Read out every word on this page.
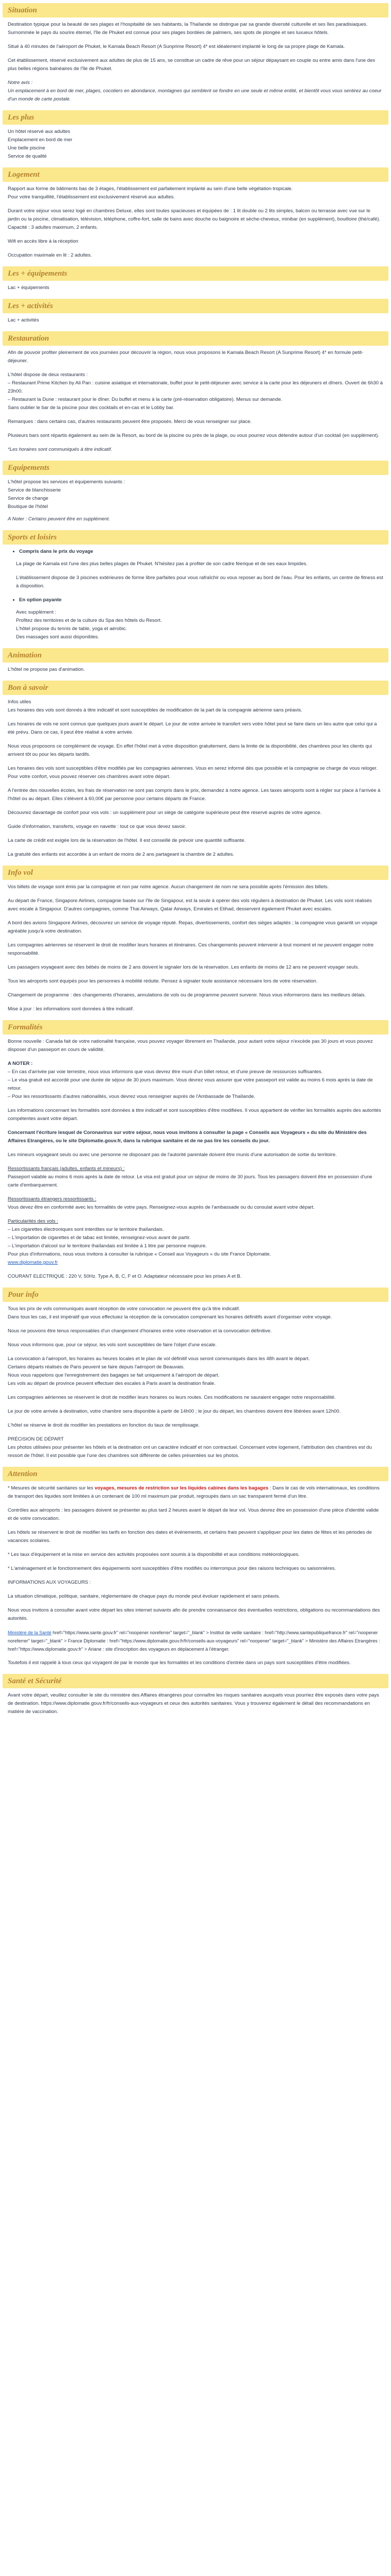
Situation

Destination typique pour la beauté de ses plages et l'hospitalité de ses habitants, la Thaïlande se distingue par sa grande diversité culturelle et ses îles paradisiaques. Surnommée le pays du sourire éternel, l'île de Phuket est connue pour ses plages bordées de palmiers, ses spots de plongée et ses luxueux hôtels.

Situé à 40 minutes de l'aéroport de Phuket, le Kamala Beach Resort (A Sunprime Resort) 4* est idéalement implanté le long de sa propre plage de Kamala.

Cet établissement, réservé exclusivement aux adultes de plus de 15 ans, se constitue un cadre de rêve pour un séjour dépaysant en couple ou entre amis dans l'une des plus belles régions balnéaires de l'île de Phuket.

Notre avis :

Un emplacement à en bord de mer, plages, cocotiers en abondance, montagnes qui semblent se fondre en une seule et même entité, et bientôt vous vous sentirez au coeur d'un monde de carte postale.

Les plus
Un hôtel réservé aux adultes
Emplacement en bord de mer
Une belle piscine
Service de qualité
Logement

Rapport aux forme de bâtiments bas de 3 étages, l'établissement est parfaitement implanté au sein d'une belle végétation tropicale.

Pour votre tranquillité, l'établissement est exclusivement réservé aux adultes.

Durant votre séjour vous serez logé en chambres Deluxe, elles sont toutes spacieuses et équipées de : 1 lit double ou 2 lits simples, balcon ou terrasse avec vue sur le jardin ou la piscine, climatisation, télévision, téléphone, coffre-fort, salle de bains avec douche ou baignoire et sèche-cheveux, minibar (en supplément), bouilloire (thé/café).

Capacité : 3 adultes maximum, 2 enfants.

Wifi en accès libre à la réception

Occupation maximale en lit : 2 adultes.

Les + équipements

Lac + équipements

Les + activités

Lac + activités

Restauration

Afin de pouvoir profiter pleinement de vos journées pour découvrir la région, nous vous proposons le Kamala Beach Resort (A Sunprime Resort) 4* en formule petit-déjeuner.

L'hôtel dispose de deux restaurants :

– Restaurant Prime Kitchen by Ali Pan : cuisine asiatique et internationale, buffet pour le petit-déjeuner avec service à la carte pour les déjeuners et dîners. Ouvert de 6h30 à 23h00.

– Restaurant la Dune : restaurant pour le dîner. Du buffet et menu à la carte (pré-réservation obligatoire). Menus sur demande.

Sans oublier le bar de la piscine pour des cocktails et en-cas et le Lobby bar.

Remarques : dans certains cas, d'autres restaurants peuvent être proposés. Merci de vous renseigner sur place.

Plusieurs bars sont répartis également au sein de la Resort, au bord de la piscine ou près de la plage, ou vous pourrez vous détendre autour d'un cocktail (en supplément).

*Les horaires sont communiqués à titre indicatif.

Equipements

L'hôtel propose les services et équipements suivants :

Service de blanchisserie
Service de change
Boutique de l'hôtel

A Noter : Certains peuvent être en supplément.

Sports et loisirs
• Compris dans le prix du voyage

La plage de Kamala est l'une des plus belles plages de Phuket. N'hésitez pas à profiter de son cadre féerique et de ses eaux limpides.

L'établissement dispose de 3 piscines extérieures de forme libre parfaites pour vous rafraîchir ou vous reposer au bord de l'eau. Pour les enfants, un centre de fitness est à disposition.

• En option payante

Avec supplément :

Profitez des territoires et de la culture du Spa des hôtels du Resort.

L'hôtel propose du tennis de table, yoga et aérobic.

Des massages sont aussi disponibles.

Animation

L'hôtel ne propose pas d'animation.

Bon à savoir

Infos utiles

Les horaires des vols sont donnés à titre indicatif et sont susceptibles de modification de la part de la compagnie aérienne sans préavis.

Les horaires de vols ne sont connus que quelques jours avant le départ. Le jour de votre arrivée le transfert vers votre hôtel peut se faire dans un lieu autre que celui qui a été prévu. Dans ce cas, il peut être réalisé à votre arrivée.

Nous vous proposons ce complément de voyage. En effet l'hôtel met à votre disposition gratuitement, dans la limite de la disponibilité, des chambres pour les clients qui arrivent tôt ou pour les départs tardifs.

Les horaires des vols sont susceptibles d'être modifiés par les compagnies aériennes. Vous en serez informé dès que possible et la compagnie se charge de vous reloger. Pour votre confort, vous pouvez réserver ces chambres avant votre départ.

A l'entrée des nouvelles écoles, les frais de réservation ne sont pas compris dans le prix, demandez à notre agence. Les taxes aéroports sont à régler sur place à l'arrivée à l'hôtel ou au départ. Elles s'élèvent à 60,00€ par personne pour certains départs de France.

Découvrez davantage de confort pour vos vols : un supplément pour un siège de catégorie supérieure peut être réservé auprès de votre agence.

Guide d'information, transferts, voyage en navette : tout ce que vous devez savoir.

La carte de crédit est exigée lors de la réservation de l'hôtel. Il est conseillé de prévoir une quantité suffisante.

La gratuité des enfants est accordée à un enfant de moins de 2 ans partageant la chambre de 2 adultes.

Info vol

Vos billets de voyage sont émis par la compagnie et non par notre agence. Aucun changement de nom ne sera possible après l'émission des billets.

Au départ de France, Singapore Airlines, compagnie basée sur l'île de Singapour, est la seule à opérer des vols réguliers à destination de Phuket. Les vols sont réalisés avec escale à Singapour. D'autres compagnies, comme Thai Airways, Qatar Airways, Emirates et Etihad, desservent également Phuket avec escales.

A bord des avions Singapore Airlines, découvrez un service de voyage réputé. Repas, divertissements, confort des sièges adaptés ; la compagnie vous garantit un voyage agréable jusqu'à votre destination.

Les compagnies aériennes se réservent le droit de modifier leurs horaires et itinéraires. Ces changements peuvent intervenir à tout moment et ne peuvent engager notre responsabilité.

Les passagers voyageant avec des bébés de moins de 2 ans doivent le signaler lors de la réservation. Les enfants de moins de 12 ans ne peuvent voyager seuls.

Tous les aéroports sont équipés pour les personnes à mobilité réduite. Pensez à signaler toute assistance nécessaire lors de votre réservation.

Changement de programme : des changements d'horaires, annulations de vols ou de programme peuvent survenir. Nous vous informerons dans les meilleurs délais.

Mise à jour : les informations sont données à titre indicatif.

Formalités

Bonne nouvelle : Canada fait de votre nationalité française, vous pouvez voyager librement en Thaïlande, pour autant votre séjour n'excède pas 30 jours et vous pouvez disposer d'un passeport en cours de validité.

A NOTER :

– En cas d'arrivée par voie terrestre, nous vous informons que vous devrez être muni d'un billet retour, et d'une preuve de ressources suffisantes.

– Le visa gratuit est accordé pour une durée de séjour de 30 jours maximum. Vous devrez vous assurer que votre passeport est valide au moins 6 mois après la date de retour.

– Pour les ressortissants d'autres nationalités, vous devrez vous renseigner auprès de l'Ambassade de Thaïlande.

Les informations concernant les formalités sont données à titre indicatif et sont susceptibles d'être modifiées. Il vous appartient de vérifier les formalités auprès des autorités compétentes avant votre départ.

Concernant l'écriture lesquel de Coronavirus sur votre séjour, nous vous invitons à consulter la page « Conseils aux Voyageurs » du site du Ministère des Affaires Etrangères, ou le site Diplomatie.gouv.fr, dans la rubrique sanitaire et de ne pas lire les conseils du jour.

Les mineurs voyageant seuls ou avec une personne ne disposant pas de l'autorité parentale doivent être munis d'une autorisation de sortie du territoire.

Ressortissants français (adultes, enfants et mineurs) :

Passeport valable au moins 6 mois après la date de retour. Le visa est gratuit pour un séjour de moins de 30 jours. Tous les passagers doivent être en possession d'une carte d'embarquement.

Ressortissants étrangers ressortissants :

Vous devez être en conformité avec les formalités de votre pays. Renseignez-vous auprès de l'ambassade ou du consulat avant votre départ.

Particularités des vols :

– Les cigarettes électroniques sont interdites sur le territoire thaïlandais.

– L'importation de cigarettes et de tabac est limitée, renseignez-vous avant de partir.

– L'importation d'alcool sur le territoire thaïlandais est limitée à 1 litre par personne majeure.

Pour plus d'informations, nous vous invitons à consulter la rubrique « Conseil aux Voyageurs » du site France Diplomatie.

www.diplomatie.gouv.fr

COURANT ELECTRIQUE : 220 V, 50Hz. Type A, B, C, F et O. Adaptateur nécessaire pour les prises A et B.

Pour info

Tous les prix de vols communiqués avant réception de votre convocation ne peuvent être qu'à titre indicatif.

Dans tous les cas, il est impératif que vous effectuiez la réception de la convocation comprenant les horaires définitifs avant d'organiser votre voyage.

Nous ne pouvons être tenus responsables d'un changement d'horaires entre votre réservation et la convocation définitive.

Nous vous informons que, pour ce séjour, les vols sont susceptibles de faire l'objet d'une escale.

La convocation à l'aéroport, les horaires au heures locales et le plan de vol définitif vous seront communiqués dans les 48h avant le départ.

Certains départs réalisés de Paris peuvent se faire depuis l'aéroport de Beauvais.

Nous vous rappelons que l'enregistrement des bagages se fait uniquement à l'aéroport de départ.

Les vols au départ de province peuvent effectuer des escales à Paris avant la destination finale.

Les compagnies aériennes se réservent le droit de modifier leurs horaires ou leurs routes. Ces modifications ne sauraient engager notre responsabilité.

Le jour de votre arrivée à destination, votre chambre sera disponible à partir de 14h00 ; le jour du départ, les chambres doivent être libérées avant 12h00.

L'hôtel se réserve le droit de modifier les prestations en fonction du taux de remplissage.

PRÉCISION DE DÉPART

Les photos utilisées pour présenter les hôtels et la destination ont un caractère indicatif et non contractuel. Concernant votre logement, l'attribution des chambres est du ressort de l'hôtel. Il est possible que l'une des chambres soit différente de celles présentées sur les photos.

Attention

* Mesures de sécurité sanitaires sur les voyages, mesures de restriction sur les liquides cabines dans les bagages : Dans le cas de vols internationaux, les conditions de transport des liquides sont limitées à un contenant de 100 ml maximum par produit, regroupés dans un sac transparent fermé d'un litre.

Contrôles aux aéroports : les passagers doivent se présenter au plus tard 2 heures avant le départ de leur vol. Vous devrez être en possession d'une pièce d'identité valide et de votre convocation.

Les hôtels se réservent le droit de modifier les tarifs en fonction des dates et événements, et certains frais peuvent s'appliquer pour les dates de fêtes et les périodes de vacances scolaires.

* Les taux d'équipement et la mise en service des activités proposées sont soumis à la disponibilité et aux conditions météorologiques.

* L'aménagement et le fonctionnement des équipements sont susceptibles d'être modifiés ou interrompus pour des raisons techniques ou saisonnières.

INFORMATIONS AUX VOYAGEURS :

La situation climatique, politique, sanitaire, réglementaire de chaque pays du monde peut évoluer rapidement et sans préavis.

Nous vous invitons à consulter avant votre départ les sites internet suivants afin de prendre connaissance des éventuelles restrictions, obligations ou recommandations des autorités.

Ministère de la Santé href="https://www.sante.gouv.fr" rel="noopener noreferrer" target="_blank" > Institut de veille sanitaire : href="http://www.santepubliquefrance.fr" rel="noopener noreferrer" target="_blank" > France Diplomatie : href="https://www.diplomatie.gouv.fr/fr/conseils-aux-voyageurs" rel="noopener" target="_blank" > Ministère des Affaires Etrangères : href="https://www.diplomatie.gouv.fr" > Ariane : site d'inscription des voyageurs en déplacement à l'étranger.

Toutefois il est rappelé à tous ceux qui voyagent de par le monde que les formalités et les conditions d'entrée dans un pays sont susceptibles d'être modifiées.

Santé et Sécurité

Avant votre départ, veuillez consulter le site du ministère des Affaires étrangères pour connaître les risques sanitaires auxquels vous pourriez être exposés dans votre pays de destination. https://www.diplomatie.gouv.fr/fr/conseils-aux-voyageurs et ceux des autorités sanitaires. Vous y trouverez également le détail des recommandations en matière de vaccination.
